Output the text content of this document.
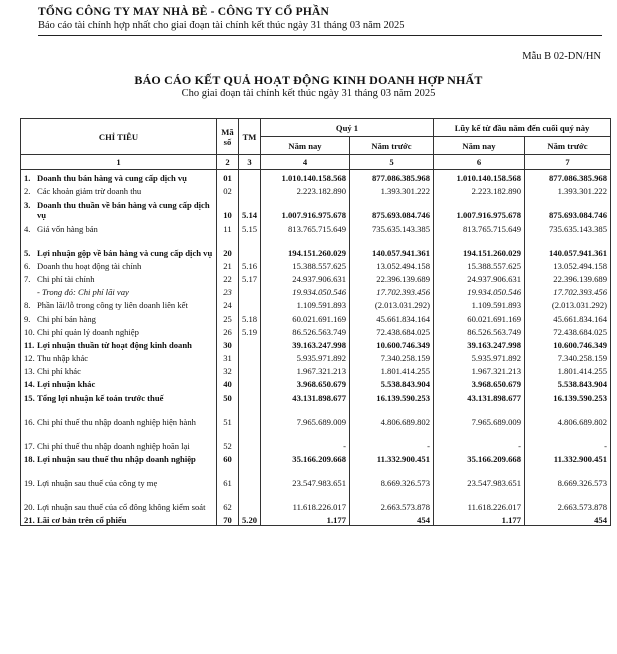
TỔNG CÔNG TY MAY NHÀ BÈ - CÔNG TY CỔ PHẦN
Báo cáo tài chính hợp nhất cho giai đoạn tài chính kết thúc ngày 31 tháng 03 năm 2025
Mẫu B 02-DN/HN
BÁO CÁO KẾT QUẢ HOẠT ĐỘNG KINH DOANH HỢP NHẤT
Cho giai đoạn tài chính kết thúc ngày 31 tháng 03 năm 2025
CHỈ TIÊU	Mã số	TM	Quý 1		Lũy kế từ đầu năm đến cuối quý này	
			Năm nay	Năm trước	Năm nay	Năm trước
1	2	3	4	5	6	7

1. Doanh thu bán hàng và cung cấp dịch vụ	01		1.010.140.158.568	877.086.385.968	1.010.140.158.568	877.086.385.968

2. Các khoản giảm trừ doanh thu	02		2.223.182.890	1.393.301.222	2.223.182.890	1.393.301.222

3. Doanh thu thuần về bán hàng và cung cấp dịch vụ	10	5.14	1.007.916.975.678	875.693.084.746	1.007.916.975.678	875.693.084.746

4. Giá vốn hàng bán	11	5.15	813.765.715.649	735.635.143.385	813.765.715.649	735.635.143.385

5. Lợi nhuận gộp về bán hàng và cung cấp dịch vụ	20		194.151.260.029	140.057.941.361	194.151.260.029	140.057.941.361

6. Doanh thu hoạt động tài chính	21	5.16	15.388.557.625	13.052.494.158	15.388.557.625	13.052.494.158

7. Chi phí tài chính	22	5.17	24.937.906.631	22.396.139.689	24.937.906.631	22.396.139.689

- Trong đó: Chi phí lãi vay	23		19.934.050.546	17.702.393.456	19.934.050.546	17.702.393.456

8. Phần lãi/lỗ trong công ty liên doanh liên kết	24		1.109.591.893	(2.013.031.292)	1.109.591.893	(2.013.031.292)

9. Chi phí bán hàng	25	5.18	60.021.691.169	45.661.834.164	60.021.691.169	45.661.834.164

10. Chi phí quản lý doanh nghiệp	26	5.19	86.526.563.749	72.438.684.025	86.526.563.749	72.438.684.025

11. Lợi nhuận thuần từ hoạt động kinh doanh	30		39.163.247.998	10.600.746.349	39.163.247.998	10.600.746.349

12. Thu nhập khác	31		5.935.971.892	7.340.258.159	5.935.971.892	7.340.258.159

13. Chi phí khác	32		1.967.321.213	1.801.414.255	1.967.321.213	1.801.414.255

14. Lợi nhuận khác	40		3.968.650.679	5.538.843.904	3.968.650.679	5.538.843.904

15. Tổng lợi nhuận kế toán trước thuế	50		43.131.898.677	16.139.590.253	43.131.898.677	16.139.590.253

16. Chi phí thuế thu nhập doanh nghiệp hiện hành	51		7.965.689.009	4.806.689.802	7.965.689.009	4.806.689.802

17. Chi phí thuế thu nhập doanh nghiệp hoãn lại	52		-	-	-	-

18. Lợi nhuận sau thuế thu nhập doanh nghiệp	60		35.166.209.668	11.332.900.451	35.166.209.668	11.332.900.451

19. Lợi nhuận sau thuế của công ty mẹ	61		23.547.983.651	8.669.326.573	23.547.983.651	8.669.326.573

20. Lợi nhuận sau thuế của cổ đông không kiểm soát	62		11.618.226.017	2.663.573.878	11.618.226.017	2.663.573.878

21. Lãi cơ bản trên cổ phiếu	70	5.20	1.177	454	1.177	454
